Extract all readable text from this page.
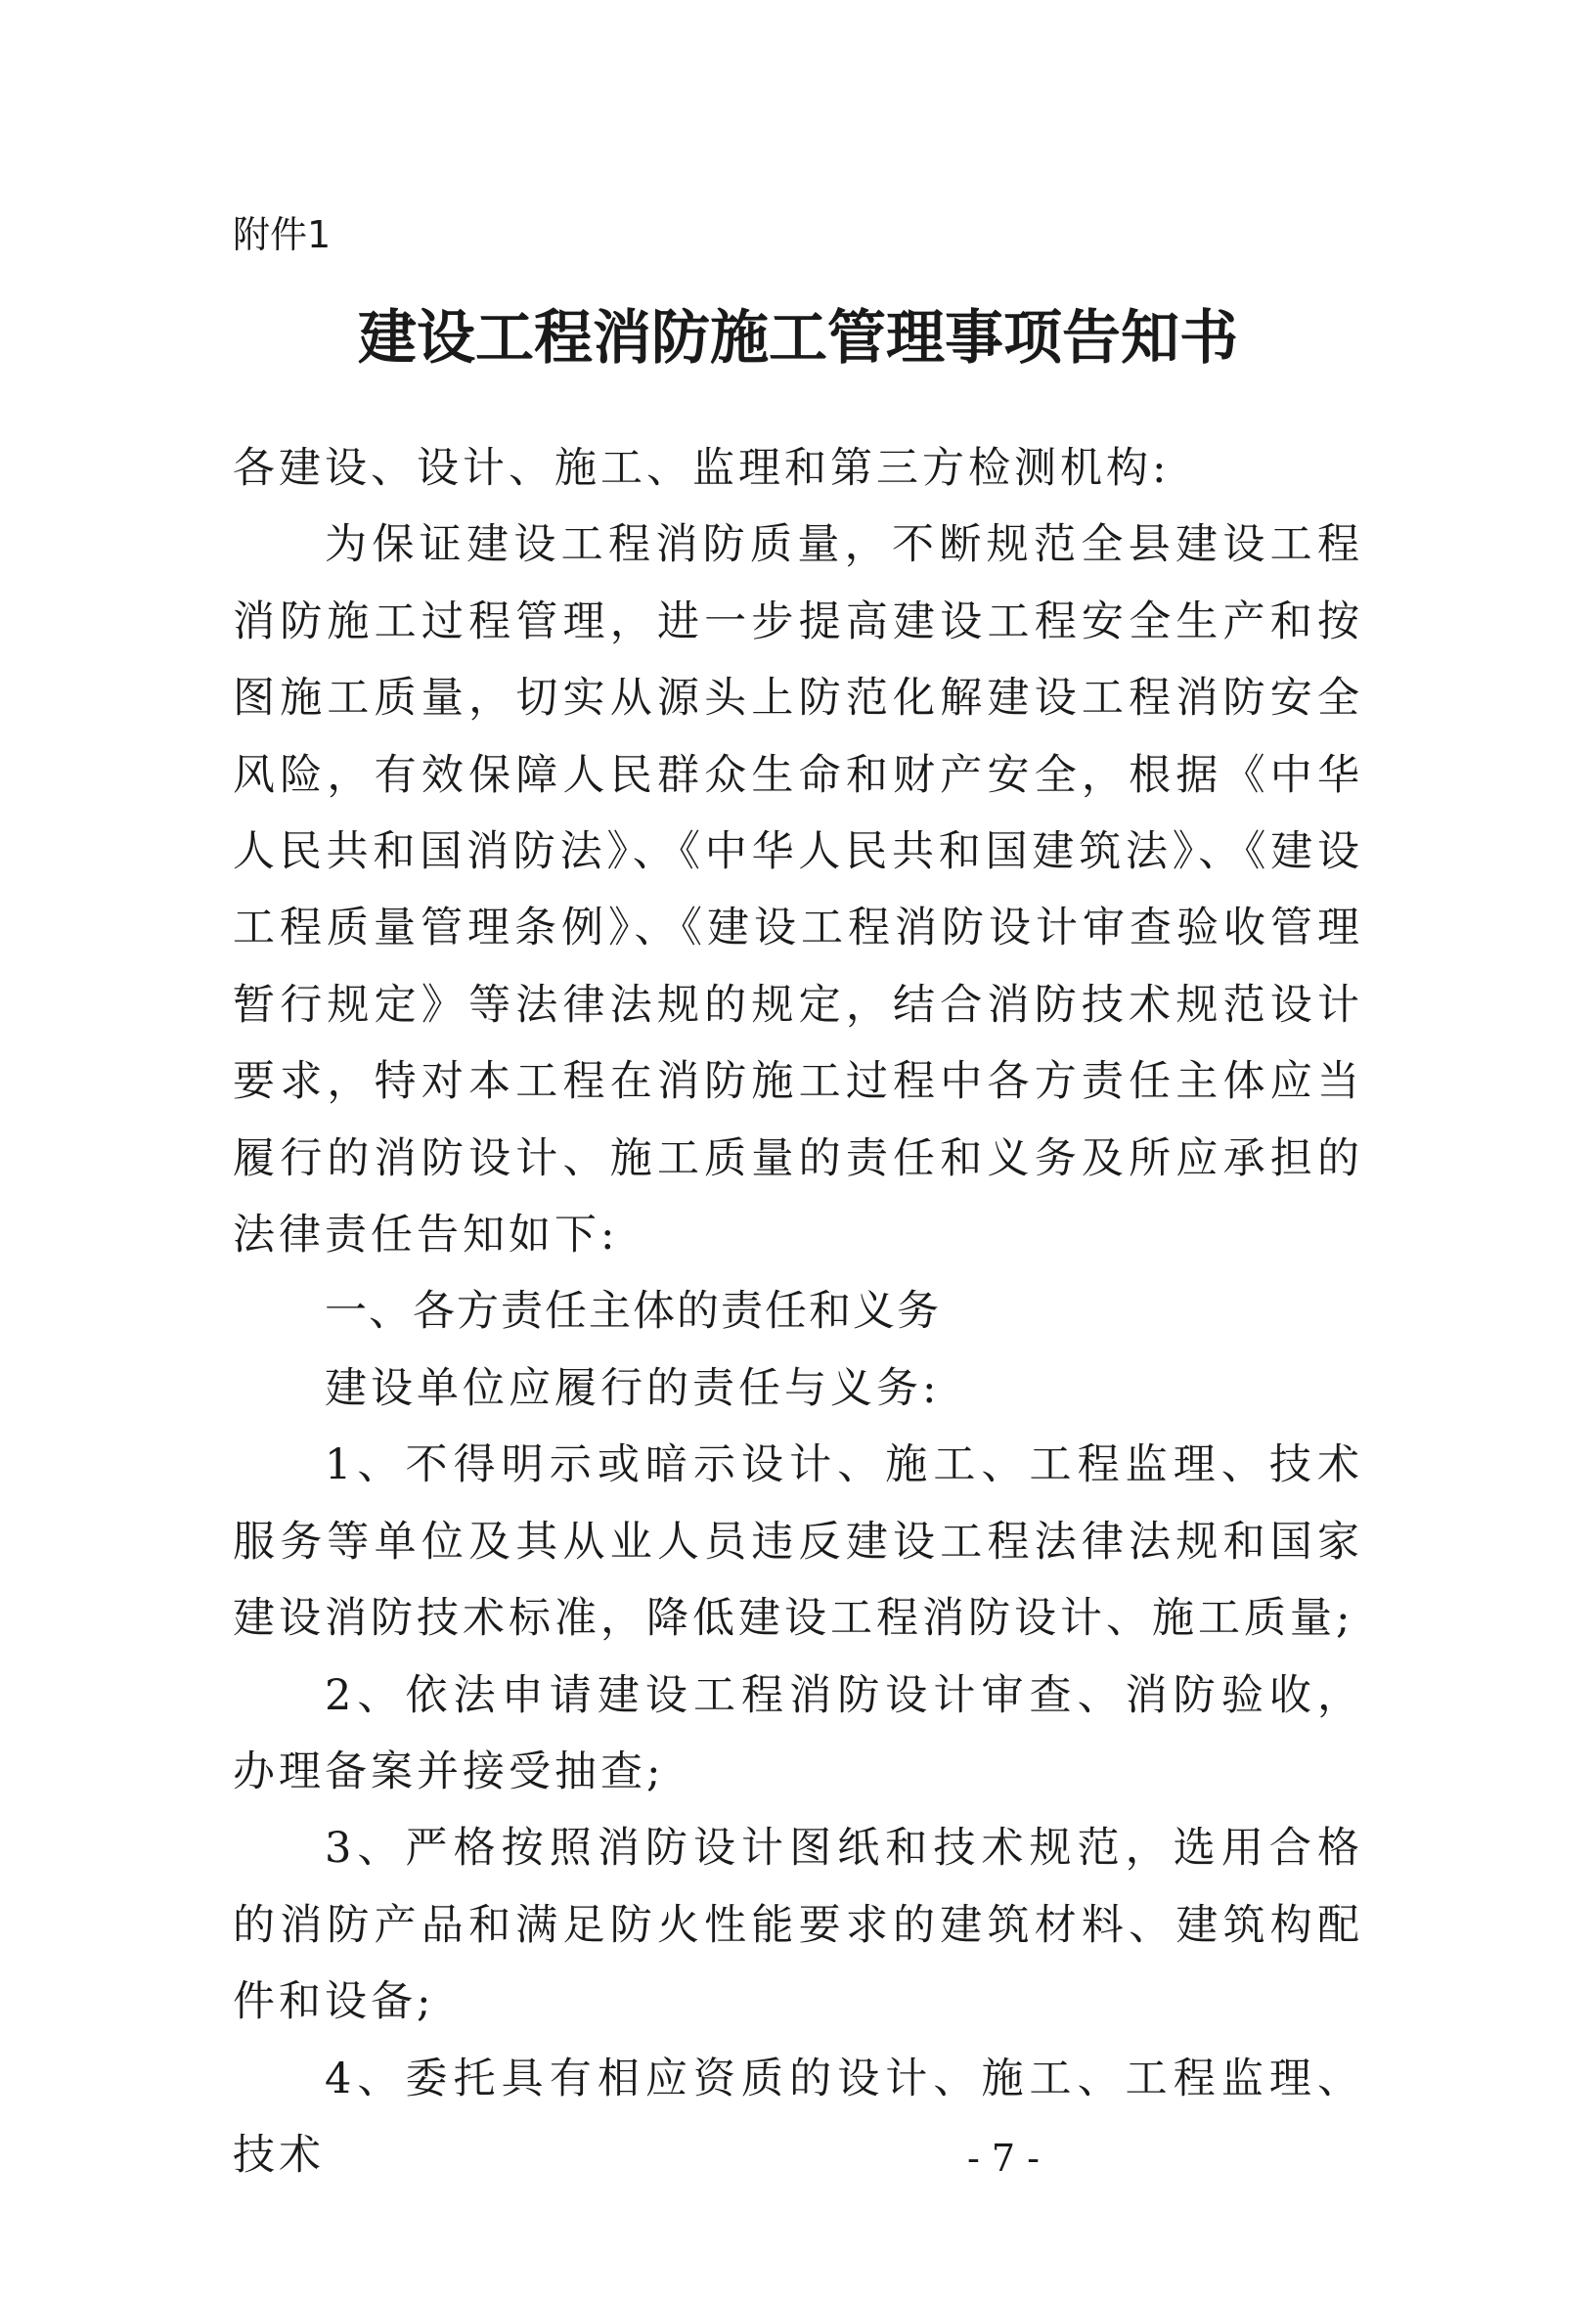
附件1

建设工程消防施工管理事项告知书

各建设、设计、施工、监理和第三方检测机构:

为保证建设工程消防质量，不断规范全县建设工程消防施工过程管理，进一步提高建设工程安全生产和按图施工质量，切实从源头上防范化解建设工程消防安全风险，有效保障人民群众生命和财产安全，根据《中华人民共和国消防法》、《中华人民共和国建筑法》、《建设工程质量管理条例》、《建设工程消防设计审查验收管理暂行规定》等法律法规的规定，结合消防技术规范设计要求，特对本工程在消防施工过程中各方责任主体应当履行的消防设计、施工质量的责任和义务及所应承担的法律责任告知如下:

一、各方责任主体的责任和义务

建设单位应履行的责任与义务:

1、不得明示或暗示设计、施工、工程监理、技术服务等单位及其从业人员违反建设工程法律法规和国家建设消防技术标准，降低建设工程消防设计、施工质量;

2、依法申请建设工程消防设计审查、消防验收，办理备案并接受抽查;

3、严格按照消防设计图纸和技术规范，选用合格的消防产品和满足防火性能要求的建筑材料、建筑构配件和设备;

4、委托具有相应资质的设计、施工、工程监理、技术	- 7 -
